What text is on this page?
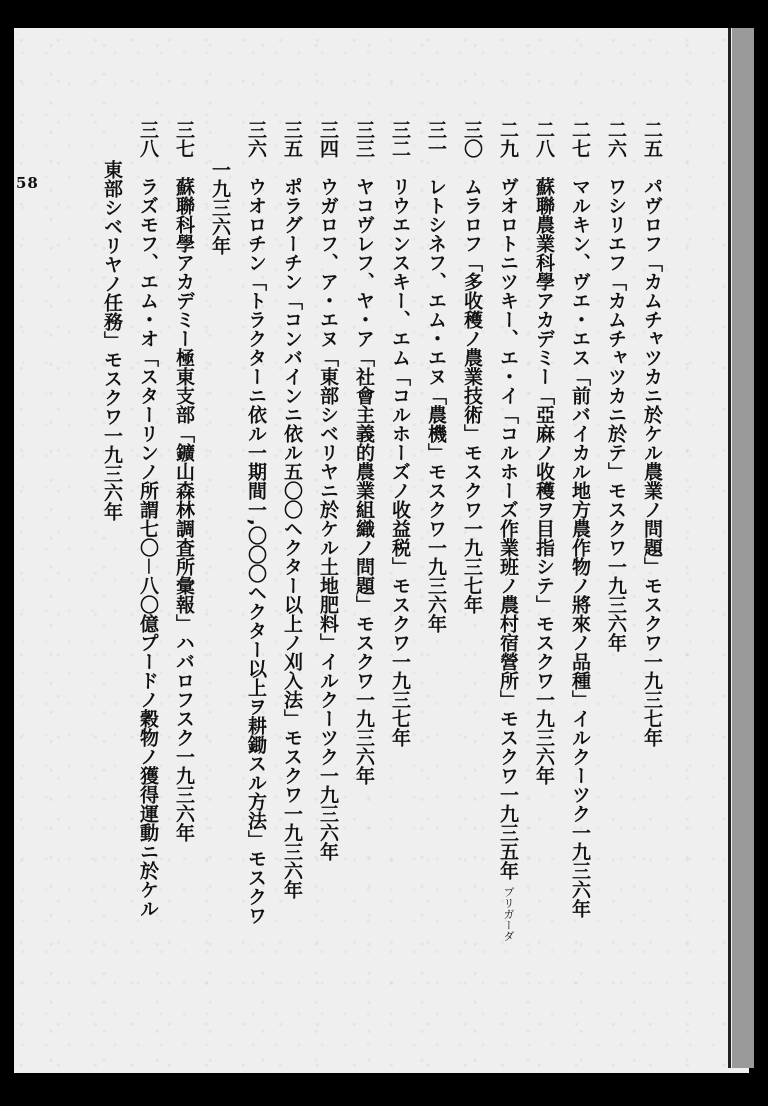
58
二五 パヴロフ「カムチャツカニ於ケル農業ノ問題」モスクワ一九三七年
二六 ワシリエフ「カムチャツカニ於テ」モスクワ一九三六年
二七 マルキン、ヴエ・エス「前バイカル地方農作物ノ將來ノ品種」イルクーツク一九三六年
二八 蘇聯農業科學アカデミー「亞麻ノ收穫ヲ目指シテ」モスクワ一九三六年
二九 ヴオロトニツキー、エ・イ「コルホーズ作業班ノ農村宿營所」モスクワ一九三五年 ブリガーダ
三〇 ムラロフ「多收穫ノ農業技術」モスクワ一九三七年
三一 レトシネフ、エム・エヌ「農機」モスクワ一九三六年
三二 リウエンスキー、エム「コルホーズノ收益税」モスクワ一九三七年
三三 ヤコヴレフ、ヤ・ア「社會主義的農業組織ノ問題」モスクワ一九三六年
三四 ウガロフ、ア・エヌ「東部シベリヤニ於ケル土地肥料」イルクーツク一九三六年
三五 ポラグーチン「コンバインニ依ル五〇〇ヘクター以上ノ刈入法」モスクワ一九三六年
三六 ウオロチン「トラクターニ依ル一期間一,〇〇〇ヘクター以上ヲ耕鋤スル方法」モスクワ
一九三六年
三七 蘇聯科學アカデミー極東支部「鑛山森林調査所彙報」ハバロフスク一九三六年
三八 ラズモフ、エム・オ「スターリンノ所謂七〇－八〇億プードノ穀物ノ獲得運動ニ於ケル
東部シベリヤノ任務」モスクワ一九三六年
